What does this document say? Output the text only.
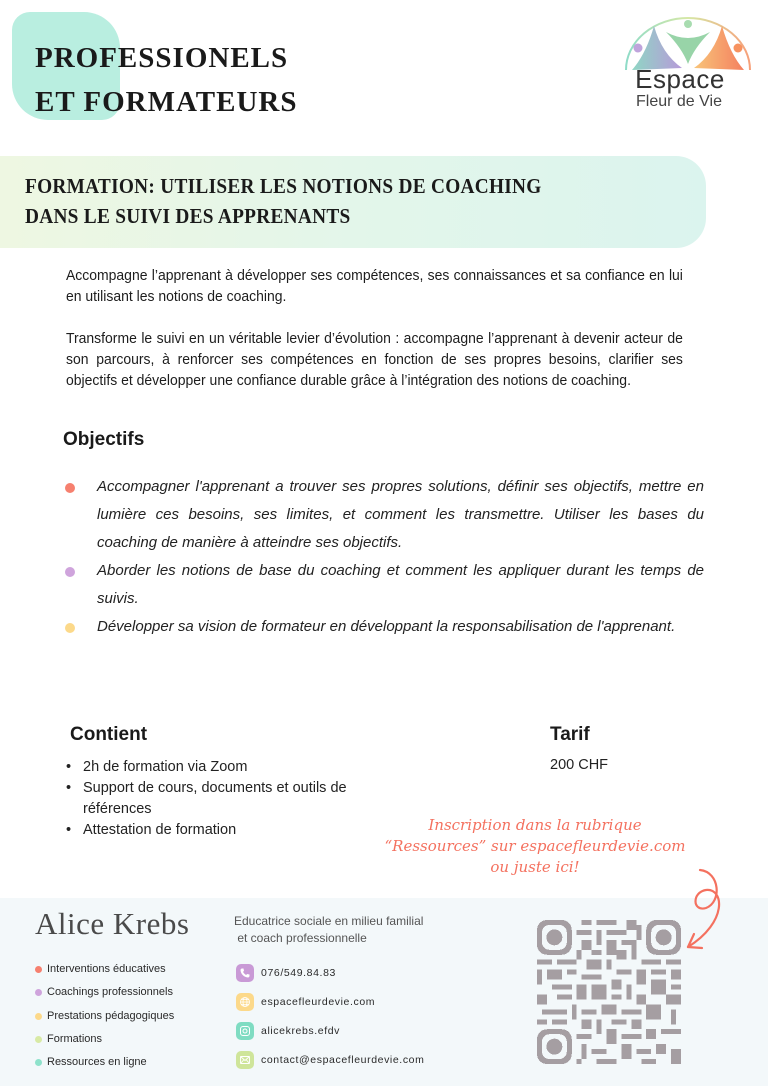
PROFESSIONELS
ET FORMATEURS
Espace
Fleur de Vie
FORMATION: UTILISER LES NOTIONS DE COACHING
DANS LE SUIVI DES APPRENANTS

Accompagne l’apprenant à développer ses compétences, ses connaissances et sa confiance en lui en utilisant les notions de coaching.

Transforme le suivi en un véritable levier d’évolution : accompagne l’apprenant à devenir acteur de son parcours, à renforcer ses compétences en fonction de ses propres besoins, clarifier ses objectifs et développer une confiance durable grâce à l’intégration des notions de coaching.

Objectifs
Accompagner l'apprenant a trouver ses propres solutions, définir ses objectifs, mettre en lumière ces besoins, ses limites, et comment les transmettre. Utiliser les bases du coaching de manière à atteindre ses objectifs.
Aborder les notions de base du coaching et comment les appliquer durant les temps de suivis.
Développer sa vision de formateur en développant la responsabilisation de l'apprenant.
Contient
• 2h de formation via Zoom
• Support de cours, documents et outils de références
• Attestation de formation
Tarif
200 CHF
Inscription dans la rubrique
“Ressources” sur espacefleurdevie.com
ou juste ici!
Alice Krebs
Interventions éducatives
Coachings professionnels
Prestations pédagogiques
Formations
Ressources en ligne
Educatrice sociale en milieu familial
et coach professionnelle
076/549.84.83
espacefleurdevie.com
alicekrebs.efdv
contact@espacefleurdevie.com
